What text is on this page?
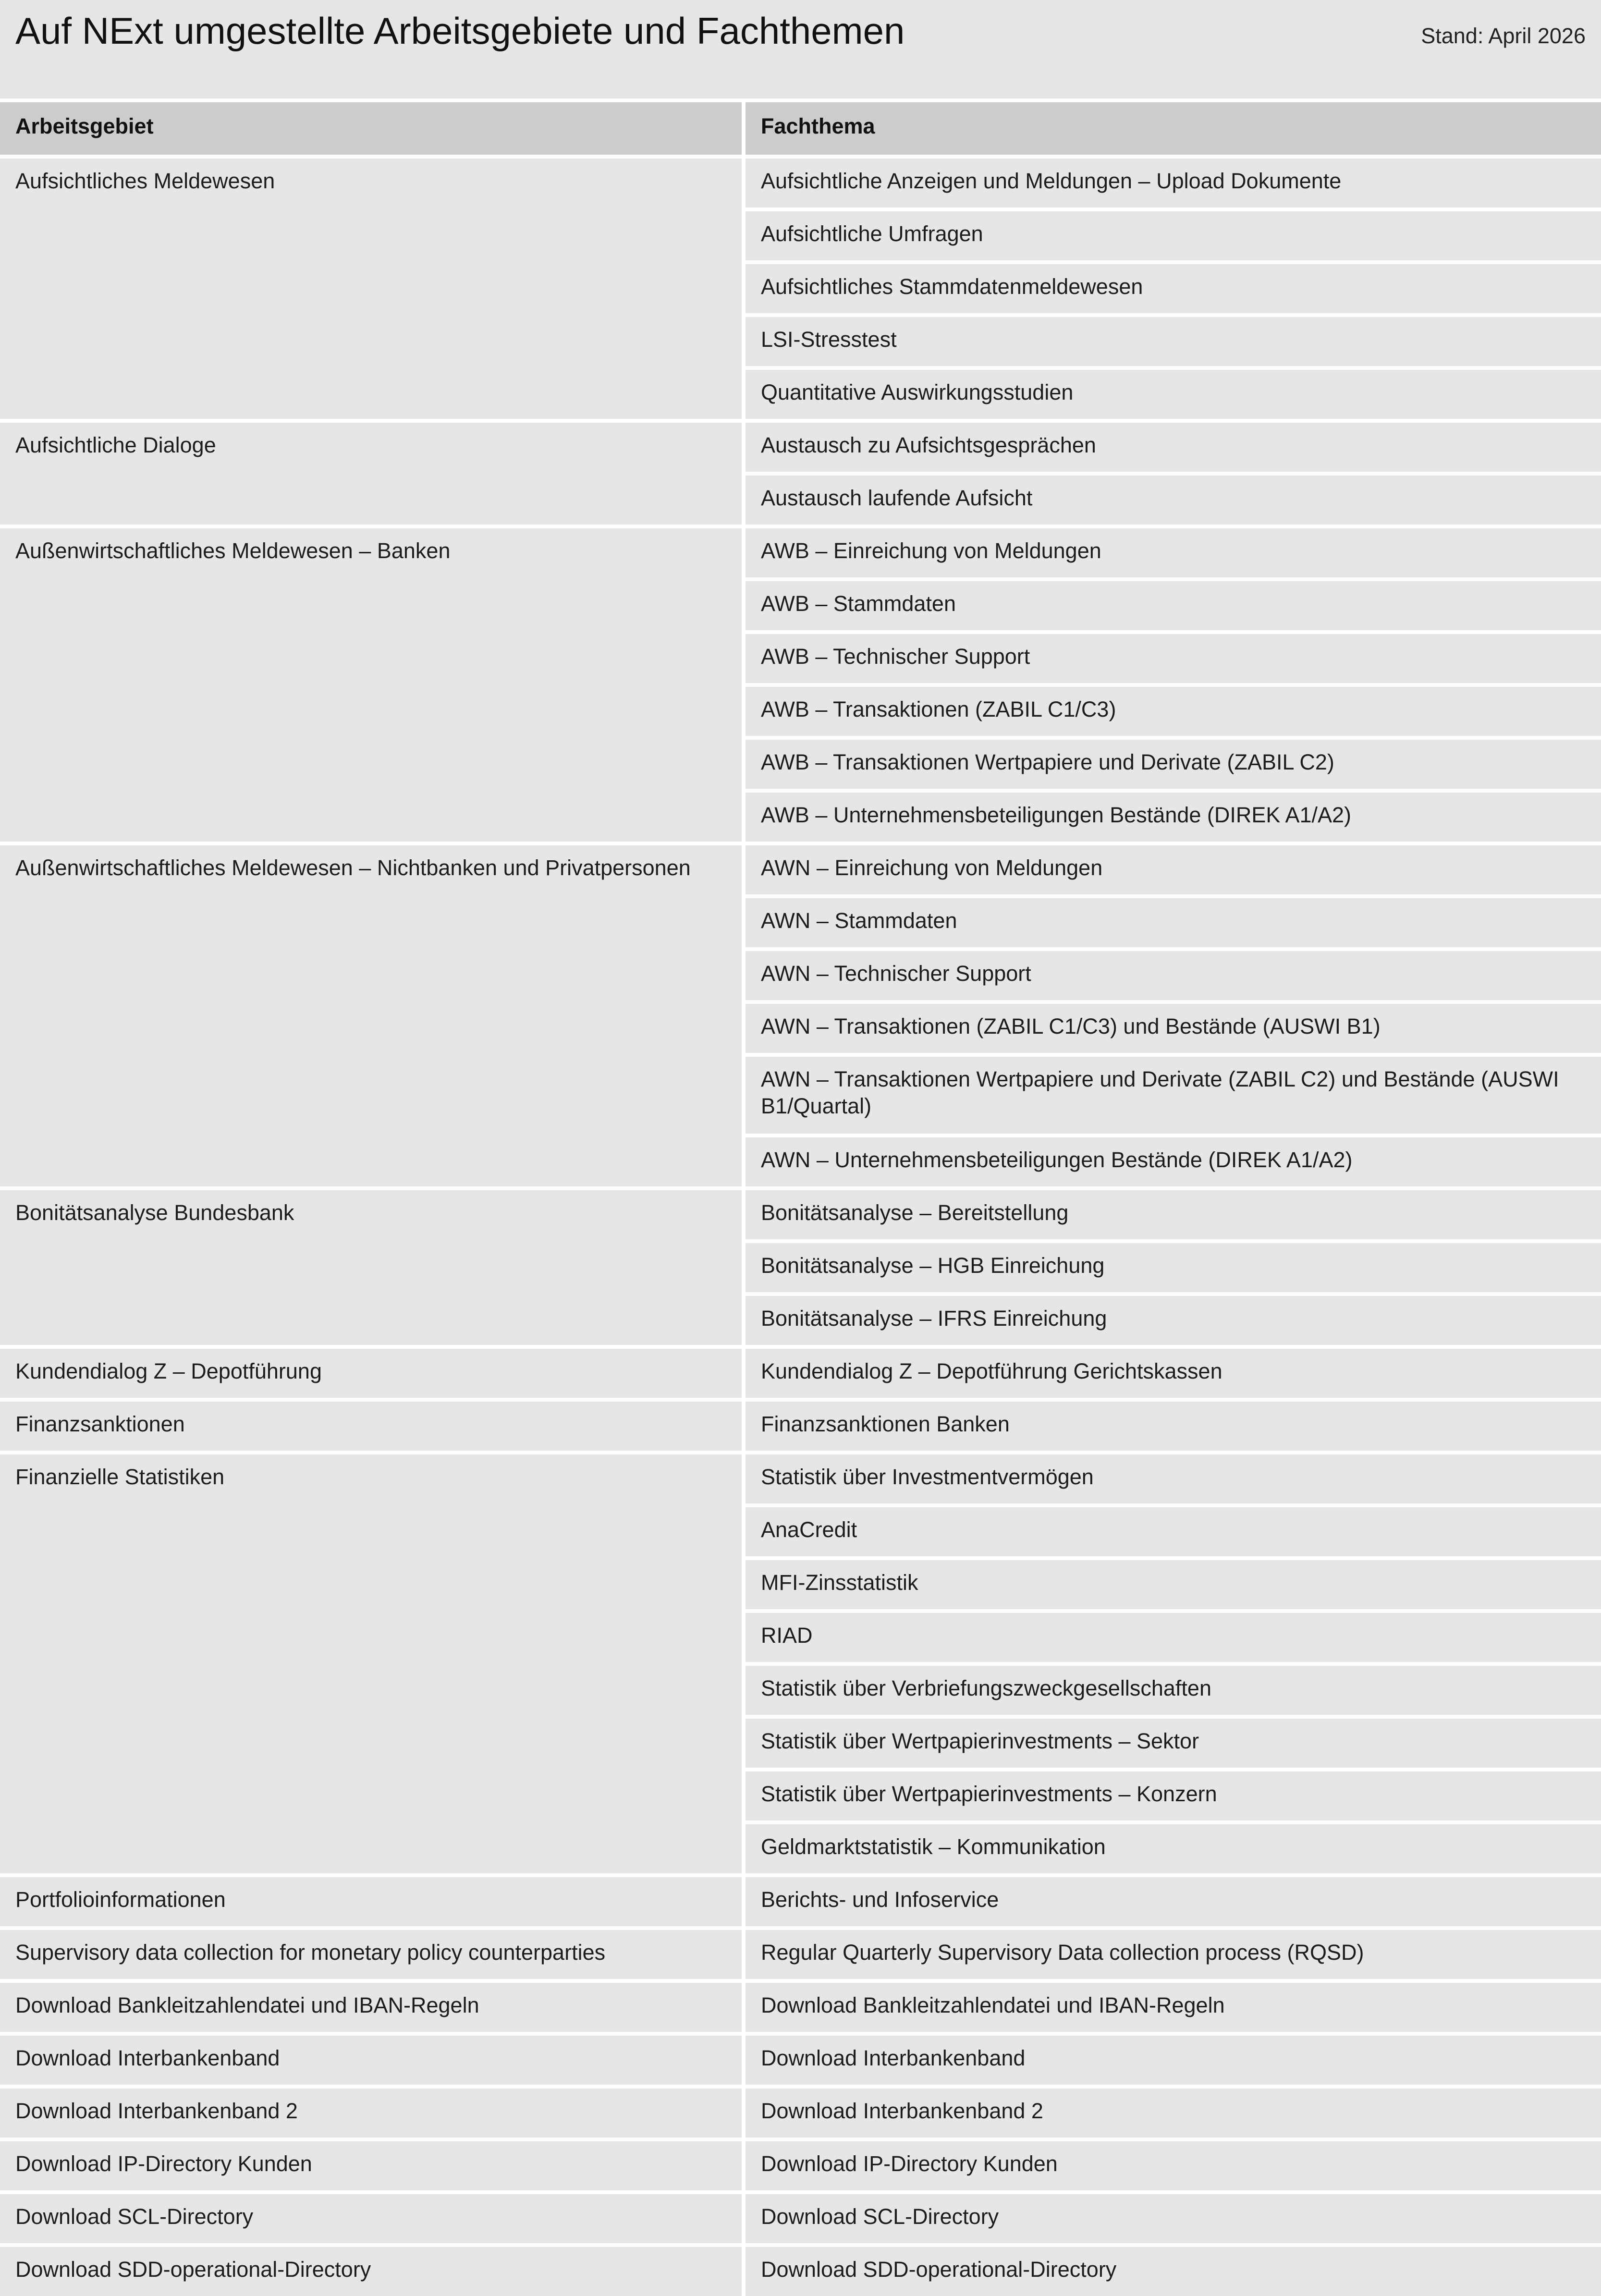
Auf NExt umgestellte Arbeitsgebiete und Fachthemen	Stand: April 2026
Arbeitsgebiet	Fachthema
Aufsichtliches Meldewesen	Aufsichtliche Anzeigen und Meldungen – Upload Dokumente
	Aufsichtliche Umfragen
	Aufsichtliches Stammdatenmeldewesen
	LSI-Stresstest
	Quantitative Auswirkungsstudien
Aufsichtliche Dialoge	Austausch zu Aufsichtsgesprächen
	Austausch laufende Aufsicht
Außenwirtschaftliches Meldewesen – Banken	AWB – Einreichung von Meldungen
	AWB – Stammdaten
	AWB – Technischer Support
	AWB – Transaktionen (ZABIL C1/C3)
	AWB – Transaktionen Wertpapiere und Derivate (ZABIL C2)
	AWB – Unternehmensbeteiligungen Bestände (DIREK A1/A2)
Außenwirtschaftliches Meldewesen – Nichtbanken und Privatpersonen	AWN – Einreichung von Meldungen
	AWN – Stammdaten
	AWN – Technischer Support
	AWN – Transaktionen (ZABIL C1/C3) und Bestände (AUSWI B1)
	AWN – Transaktionen Wertpapiere und Derivate (ZABIL C2) und Bestände (AUSWI B1/Quartal)
	AWN – Unternehmensbeteiligungen Bestände (DIREK A1/A2)
Bonitätsanalyse Bundesbank	Bonitätsanalyse – Bereitstellung
	Bonitätsanalyse – HGB Einreichung
	Bonitätsanalyse – IFRS Einreichung
Kundendialog Z – Depotführung	Kundendialog Z – Depotführung Gerichtskassen
Finanzsanktionen	Finanzsanktionen Banken
Finanzielle Statistiken	Statistik über Investmentvermögen
	AnaCredit
	MFI-Zinsstatistik
	RIAD
	Statistik über Verbriefungszweckgesellschaften
	Statistik über Wertpapierinvestments – Sektor
	Statistik über Wertpapierinvestments – Konzern
	Geldmarktstatistik – Kommunikation
Portfolioinformationen	Berichts- und Infoservice
Supervisory data collection for monetary policy counterparties	Regular Quarterly Supervisory Data collection process (RQSD)
Download Bankleitzahlendatei und IBAN-Regeln	Download Bankleitzahlendatei und IBAN-Regeln
Download Interbankenband	Download Interbankenband
Download Interbankenband 2	Download Interbankenband 2
Download IP-Directory Kunden	Download IP-Directory Kunden
Download SCL-Directory	Download SCL-Directory
Download SDD-operational-Directory	Download SDD-operational-Directory
